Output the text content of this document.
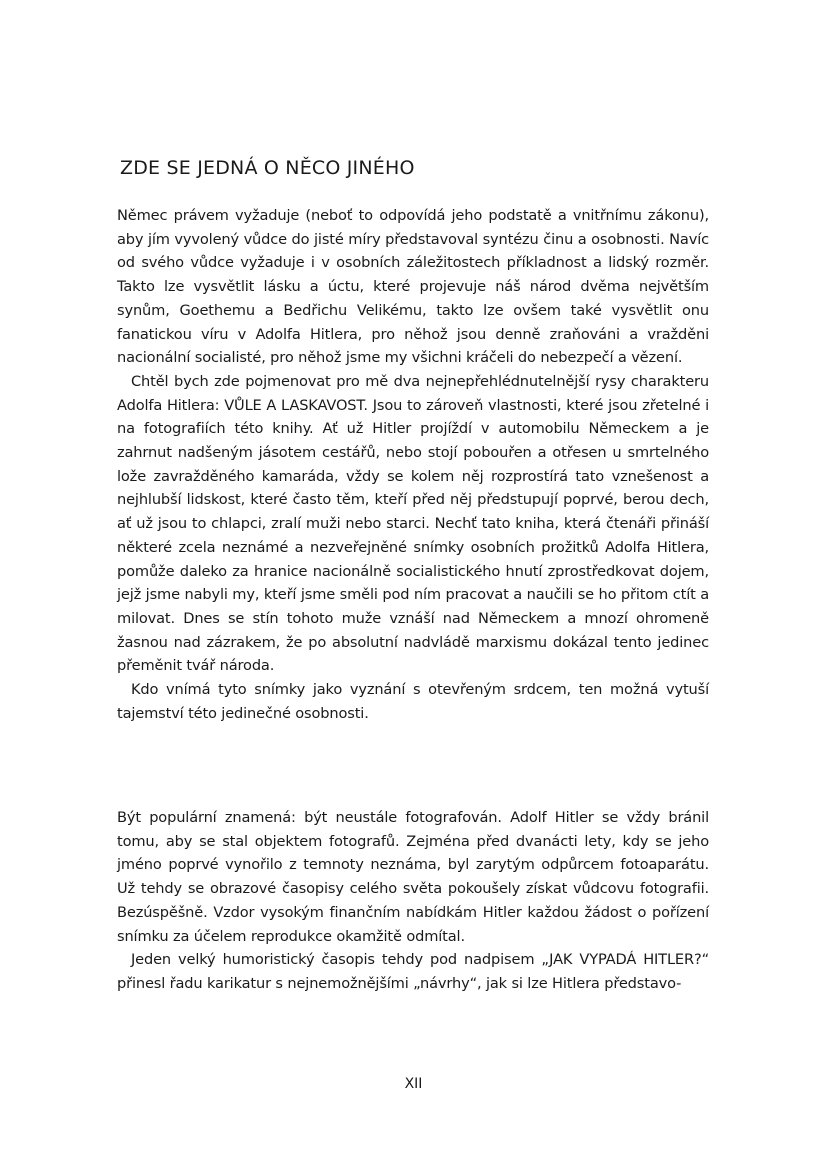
ZDE SE JEDNÁ O NĚCO JINÉHO

Němec právem vyžaduje (neboť to odpovídá jeho podstatě a vnitřnímu zákonu), aby jím vyvolený vůdce do jisté míry představoval syntézu činu a osobnosti. Navíc od svého vůdce vyžaduje i v osobních záležitostech příkladnost a lidský rozměr. Takto lze vysvětlit lásku a úctu, které projevuje náš národ dvěma největším synům, Goethemu a Bedřichu Velikému, takto lze ovšem také vysvětlit onu fanatickou víru v Adolfa Hitlera, pro něhož jsou denně zraňováni a vražděni nacionální socialisté, pro něhož jsme my všichni kráčeli do nebezpečí a vězení.

Chtěl bych zde pojmenovat pro mě dva nejnepřehlédnutelnější rysy charakteru Adolfa Hitlera: VŮLE A LASKAVOST. Jsou to zároveň vlastnosti, které jsou zřetelné i na fotografiích této knihy. Ať už Hitler projíždí v automobilu Německem a je zahrnut nadšeným jásotem cestářů, nebo stojí pobouřen a otřesen u smrtelného lože zavražděného kamaráda, vždy se kolem něj rozprostírá tato vznešenost a nejhlubší lidskost, které často těm, kteří před něj předstupují poprvé, berou dech, ať už jsou to chlapci, zralí muži nebo starci. Nechť tato kniha, která čtenáři přináší některé zcela neznámé a nezveřejněné snímky osobních prožitků Adolfa Hitlera, pomůže daleko za hranice nacionálně socialistického hnutí zprostředkovat dojem, jejž jsme nabyli my, kteří jsme směli pod ním pracovat a naučili se ho přitom ctít a milovat. Dnes se stín tohoto muže vznáší nad Německem a mnozí ohromeně žasnou nad zázrakem, že po absolutní nadvládě marxismu dokázal tento jedinec přeměnit tvář národa.

Kdo vnímá tyto snímky jako vyznání s otevřeným srdcem, ten možná vytuší tajemství této jedinečné osobnosti.

Být populární znamená: být neustále fotografován. Adolf Hitler se vždy bránil tomu, aby se stal objektem fotografů. Zejména před dvanácti lety, kdy se jeho jméno poprvé vynořilo z temnoty neznáma, byl zarytým odpůrcem fotoaparátu. Už tehdy se obrazové časopisy celého světa pokoušely získat vůdcovu fotografii. Bezúspěšně. Vzdor vysokým finančním nabídkám Hitler každou žádost o pořízení snímku za účelem reprodukce okamžitě odmítal.

Jeden velký humoristický časopis tehdy pod nadpisem „JAK VYPADÁ HITLER?“ přinesl řadu karikatur s nejnemožnějšími „návrhy“, jak si lze Hitlera představo-

XII
